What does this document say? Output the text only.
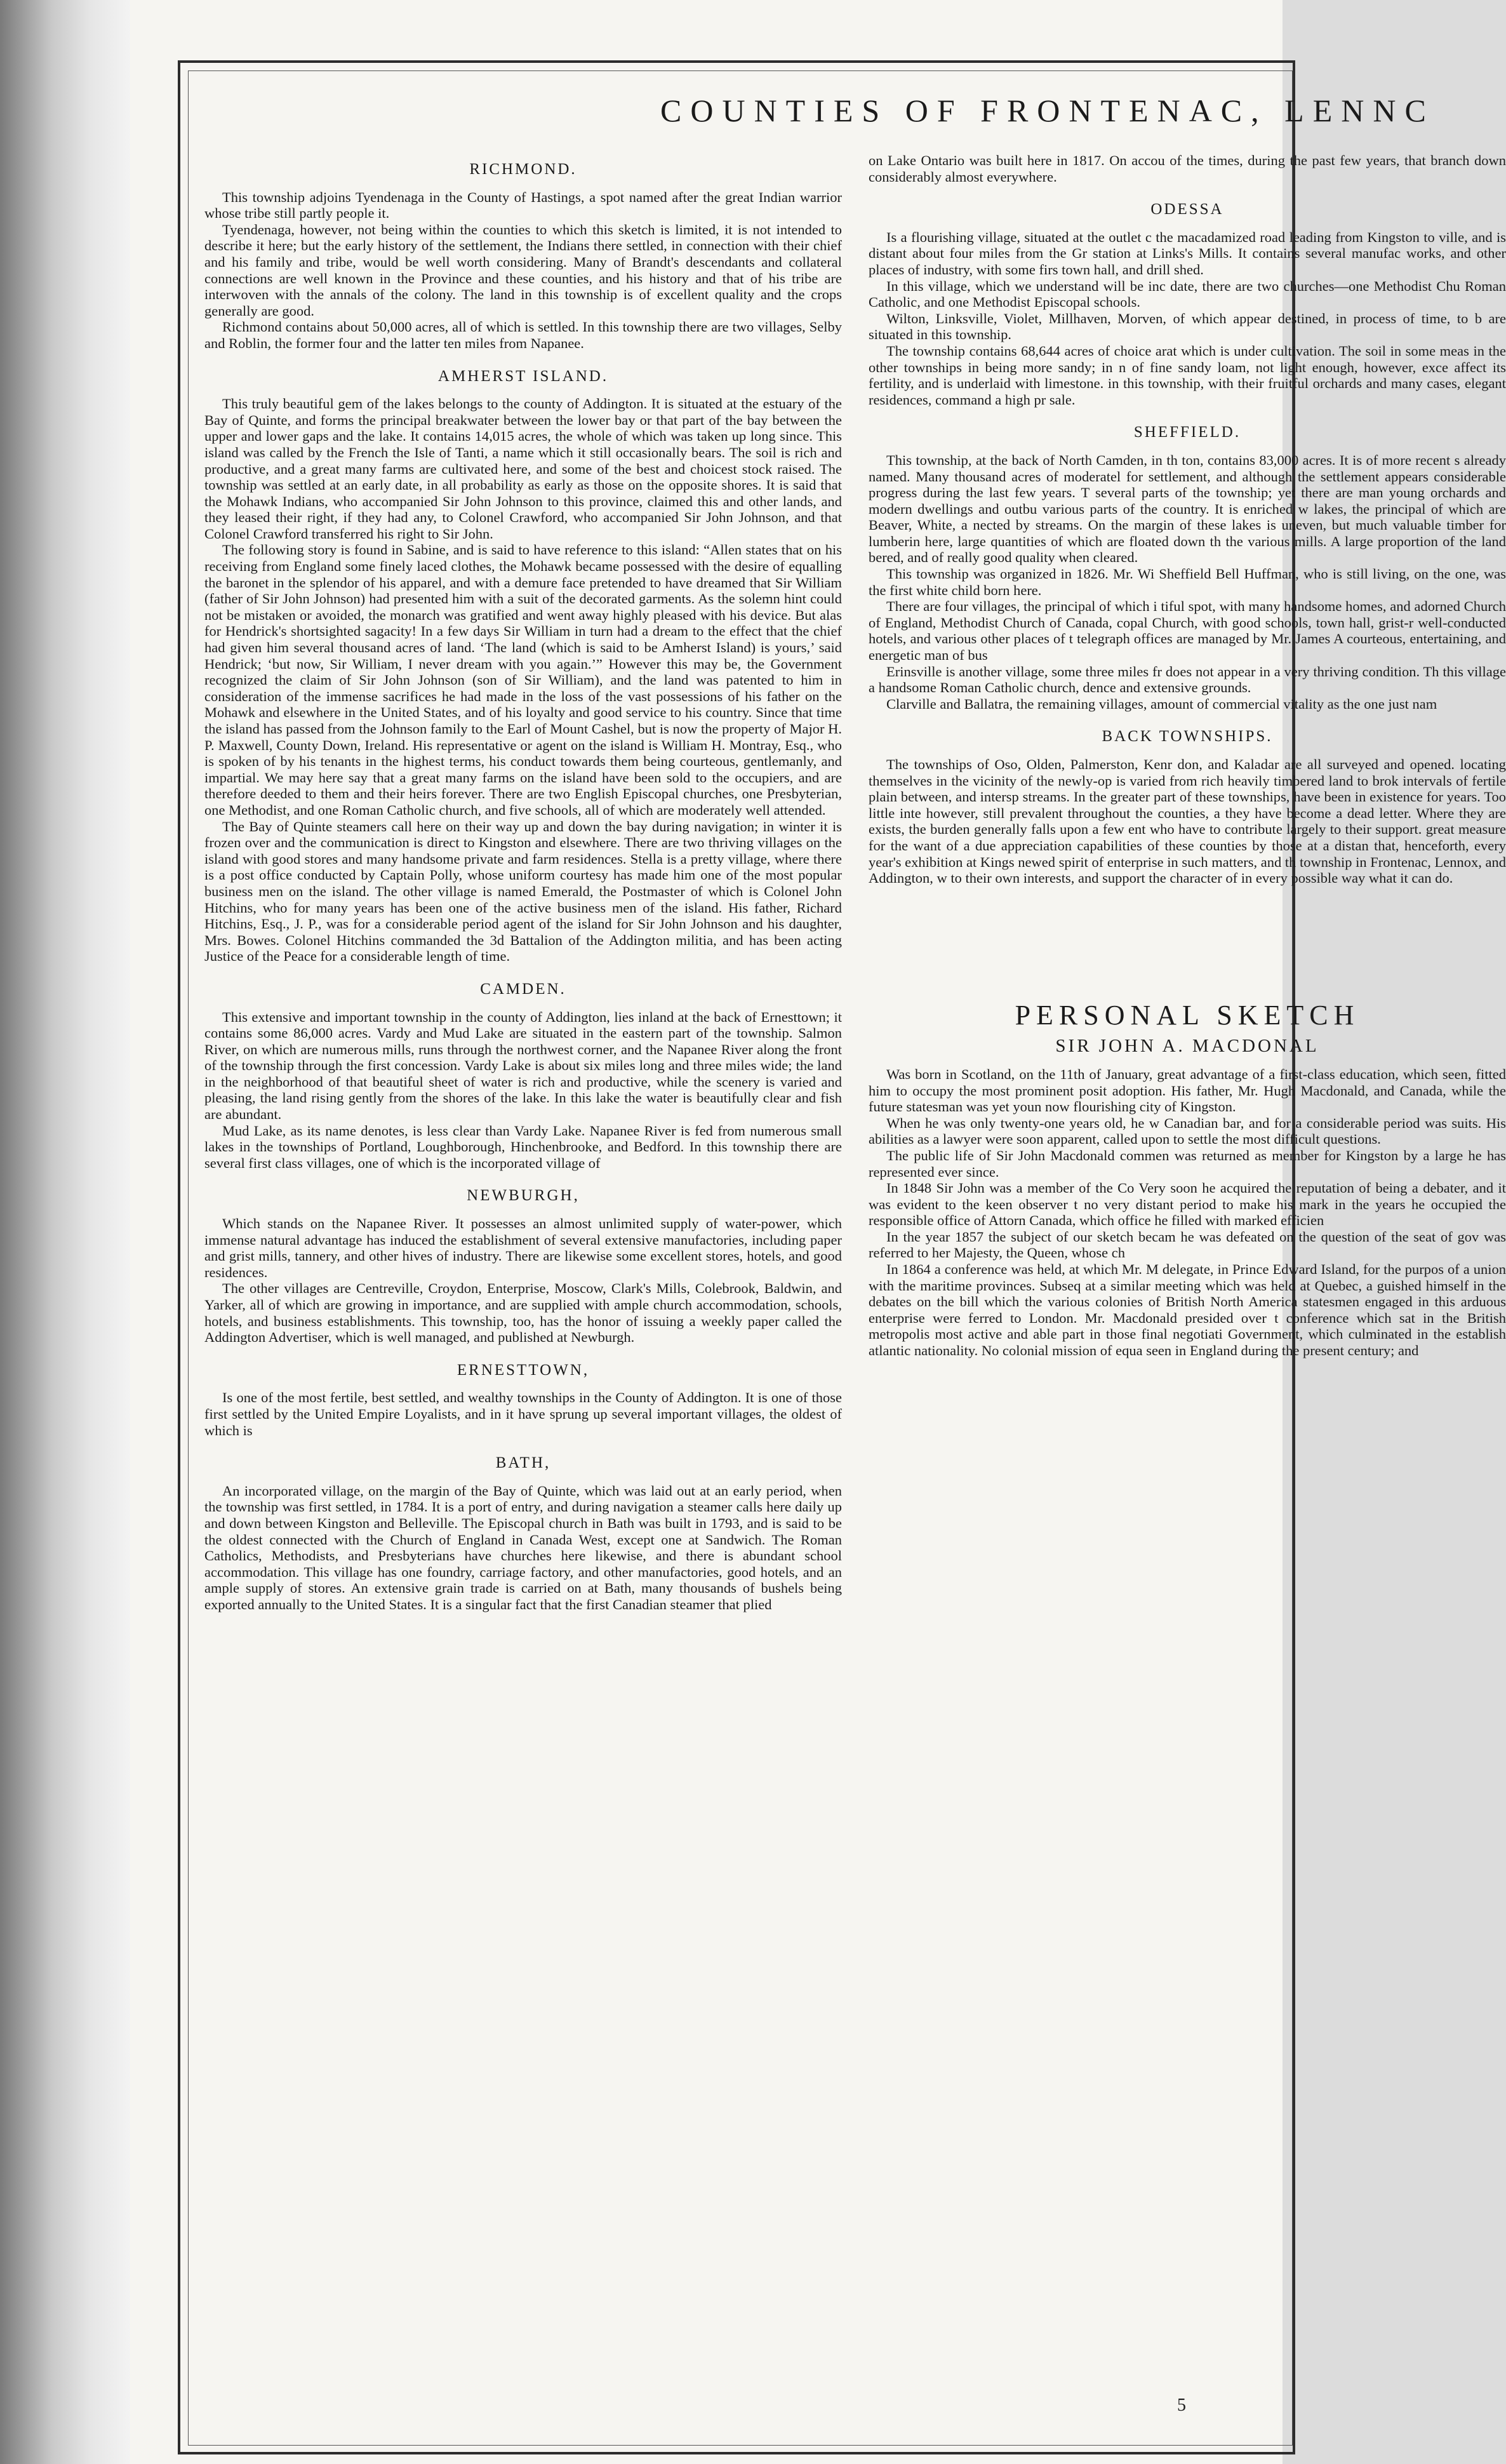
COUNTIES OF FRONTENAC, LENNC
RICHMOND.

This township adjoins Tyendenaga in the County of Hastings, a spot named after the great Indian warrior whose tribe still partly people it.

Tyendenaga, however, not being within the counties to which this sketch is limited, it is not intended to describe it here; but the early history of the settlement, the Indians there settled, in connection with their chief and his family and tribe, would be well worth considering. Many of Brandt's descendants and collateral connections are well known in the Province and these counties, and his history and that of his tribe are interwoven with the annals of the colony. The land in this township is of excellent quality and the crops generally are good.

Richmond contains about 50,000 acres, all of which is settled. In this township there are two villages, Selby and Roblin, the former four and the latter ten miles from Napanee.

AMHERST ISLAND.

This truly beautiful gem of the lakes belongs to the county of Addington. It is situated at the estuary of the Bay of Quinte, and forms the principal breakwater between the lower bay or that part of the bay between the upper and lower gaps and the lake. It contains 14,015 acres, the whole of which was taken up long since. This island was called by the French the Isle of Tanti, a name which it still occasionally bears. The soil is rich and productive, and a great many farms are cultivated here, and some of the best and choicest stock raised. The township was settled at an early date, in all probability as early as those on the opposite shores. It is said that the Mohawk Indians, who accompanied Sir John Johnson to this province, claimed this and other lands, and they leased their right, if they had any, to Colonel Crawford, who accompanied Sir John Johnson, and that Colonel Crawford transferred his right to Sir John.

The following story is found in Sabine, and is said to have reference to this island: “Allen states that on his receiving from England some finely laced clothes, the Mohawk became possessed with the desire of equalling the baronet in the splendor of his apparel, and with a demure face pretended to have dreamed that Sir William (father of Sir John Johnson) had presented him with a suit of the decorated garments. As the solemn hint could not be mistaken or avoided, the monarch was gratified and went away highly pleased with his device. But alas for Hendrick's shortsighted sagacity! In a few days Sir William in turn had a dream to the effect that the chief had given him several thousand acres of land. ‘The land (which is said to be Amherst Island) is yours,’ said Hendrick; ‘but now, Sir William, I never dream with you again.’” However this may be, the Government recognized the claim of Sir John Johnson (son of Sir William), and the land was patented to him in consideration of the immense sacrifices he had made in the loss of the vast possessions of his father on the Mohawk and elsewhere in the United States, and of his loyalty and good service to his country. Since that time the island has passed from the Johnson family to the Earl of Mount Cashel, but is now the property of Major H. P. Maxwell, County Down, Ireland. His representative or agent on the island is William H. Montray, Esq., who is spoken of by his tenants in the highest terms, his conduct towards them being courteous, gentlemanly, and impartial. We may here say that a great many farms on the island have been sold to the occupiers, and are therefore deeded to them and their heirs forever. There are two English Episcopal churches, one Presbyterian, one Methodist, and one Roman Catholic church, and five schools, all of which are moderately well attended.

The Bay of Quinte steamers call here on their way up and down the bay during navigation; in winter it is frozen over and the communication is direct to Kingston and elsewhere. There are two thriving villages on the island with good stores and many handsome private and farm residences. Stella is a pretty village, where there is a post office conducted by Captain Polly, whose uniform courtesy has made him one of the most popular business men on the island. The other village is named Emerald, the Postmaster of which is Colonel John Hitchins, who for many years has been one of the active business men of the island. His father, Richard Hitchins, Esq., J. P., was for a considerable period agent of the island for Sir John Johnson and his daughter, Mrs. Bowes. Colonel Hitchins commanded the 3d Battalion of the Addington militia, and has been acting Justice of the Peace for a considerable length of time.

CAMDEN.

This extensive and important township in the county of Addington, lies inland at the back of Ernesttown; it contains some 86,000 acres. Vardy and Mud Lake are situated in the eastern part of the township. Salmon River, on which are numerous mills, runs through the northwest corner, and the Napanee River along the front of the township through the first concession. Vardy Lake is about six miles long and three miles wide; the land in the neighborhood of that beautiful sheet of water is rich and productive, while the scenery is varied and pleasing, the land rising gently from the shores of the lake. In this lake the water is beautifully clear and fish are abundant.

Mud Lake, as its name denotes, is less clear than Vardy Lake. Napanee River is fed from numerous small lakes in the townships of Portland, Loughborough, Hinchenbrooke, and Bedford. In this township there are several first class villages, one of which is the incorporated village of

NEWBURGH,

Which stands on the Napanee River. It possesses an almost unlimited supply of water-power, which immense natural advantage has induced the establishment of several extensive manufactories, including paper and grist mills, tannery, and other hives of industry. There are likewise some excellent stores, hotels, and good residences.

The other villages are Centreville, Croydon, Enterprise, Moscow, Clark's Mills, Colebrook, Baldwin, and Yarker, all of which are growing in importance, and are supplied with ample church accommodation, schools, hotels, and business establishments. This township, too, has the honor of issuing a weekly paper called the Addington Advertiser, which is well managed, and published at Newburgh.

ERNESTTOWN,

Is one of the most fertile, best settled, and wealthy townships in the County of Addington. It is one of those first settled by the United Empire Loyalists, and in it have sprung up several important villages, the oldest of which is

BATH,

An incorporated village, on the margin of the Bay of Quinte, which was laid out at an early period, when the township was first settled, in 1784. It is a port of entry, and during navigation a steamer calls here daily up and down between Kingston and Belleville. The Episcopal church in Bath was built in 1793, and is said to be the oldest connected with the Church of England in Canada West, except one at Sandwich. The Roman Catholics, Methodists, and Presbyterians have churches here likewise, and there is abundant school accommodation. This village has one foundry, carriage factory, and other manufactories, good hotels, and an ample supply of stores. An extensive grain trade is carried on at Bath, many thousands of bushels being exported annually to the United States. It is a singular fact that the first Canadian steamer that plied

on Lake Ontario was built here in 1817. On accou of the times, during the past few years, that branch down considerably almost everywhere.

ODESSA

Is a flourishing village, situated at the outlet c the macadamized road leading from Kingston to ville, and is distant about four miles from the Gr station at Links's Mills. It contains several manufac works, and other places of industry, with some firs town hall, and drill shed.

In this village, which we understand will be inc date, there are two churches—one Methodist Chu Roman Catholic, and one Methodist Episcopal schools.

Wilton, Linksville, Violet, Millhaven, Morven, of which appear destined, in process of time, to b are situated in this township.

The township contains 68,644 acres of choice arat which is under cultivation. The soil in some meas in the other townships in being more sandy; in n of fine sandy loam, not light enough, however, exce affect its fertility, and is underlaid with limestone. in this township, with their fruitful orchards and many cases, elegant residences, command a high pr sale.

SHEFFIELD.

This township, at the back of North Camden, in th ton, contains 83,000 acres. It is of more recent s already named. Many thousand acres of moderatel for settlement, and although the settlement appears considerable progress during the last few years. T several parts of the township; yet there are man young orchards and modern dwellings and outbu various parts of the country. It is enriched w lakes, the principal of which are Beaver, White, a nected by streams. On the margin of these lakes is uneven, but much valuable timber for lumberin here, large quantities of which are floated down th the various mills. A large proportion of the land bered, and of really good quality when cleared.

This township was organized in 1826. Mr. Wi Sheffield Bell Huffman, who is still living, on the one, was the first white child born here.

There are four villages, the principal of which i tiful spot, with many handsome homes, and adorned Church of England, Methodist Church of Canada, copal Church, with good schools, town hall, grist-r well-conducted hotels, and various other places of t telegraph offices are managed by Mr. James A courteous, entertaining, and energetic man of bus

Erinsville is another village, some three miles fr does not appear in a very thriving condition. Th this village a handsome Roman Catholic church, dence and extensive grounds.

Clarville and Ballatra, the remaining villages, amount of commercial vitality as the one just nam

BACK TOWNSHIPS.

The townships of Oso, Olden, Palmerston, Kenr don, and Kaladar are all surveyed and opened. locating themselves in the vicinity of the newly-op is varied from rich heavily timbered land to brok intervals of fertile plain between, and intersp streams. In the greater part of these townships, have been in existence for years. Too little inte however, still prevalent throughout the counties, a they have become a dead letter. Where they are exists, the burden generally falls upon a few ent who have to contribute largely to their support. great measure for the want of a due appreciation capabilities of these counties by those at a distan that, henceforth, every year's exhibition at Kings newed spirit of enterprise in such matters, and th township in Frontenac, Lennox, and Addington, w to their own interests, and support the character of in every possible way what it can do.

PERSONAL SKETCH
SIR JOHN A. MACDONAL

Was born in Scotland, on the 11th of January, great advantage of a first-class education, which seen, fitted him to occupy the most prominent posit adoption. His father, Mr. Hugh Macdonald, and Canada, while the future statesman was yet youn now flourishing city of Kingston.

When he was only twenty-one years old, he w Canadian bar, and for a considerable period was suits. His abilities as a lawyer were soon apparent, called upon to settle the most difficult questions.

The public life of Sir John Macdonald commen was returned as member for Kingston by a large he has represented ever since.

In 1848 Sir John was a member of the Co Very soon he acquired the reputation of being a debater, and it was evident to the keen observer t no very distant period to make his mark in the years he occupied the responsible office of Attorn Canada, which office he filled with marked efficien

In the year 1857 the subject of our sketch becam he was defeated on the question of the seat of gov was referred to her Majesty, the Queen, whose ch

In 1864 a conference was held, at which Mr. M delegate, in Prince Edward Island, for the purpos of a union with the maritime provinces. Subseq at a similar meeting which was held at Quebec, a guished himself in the debates on the bill which the various colonies of British North America statesmen engaged in this arduous enterprise were ferred to London. Mr. Macdonald presided over t conference which sat in the British metropolis most active and able part in those final negotiati Government, which culminated in the establish atlantic nationality. No colonial mission of equa seen in England during the present century; and

5
